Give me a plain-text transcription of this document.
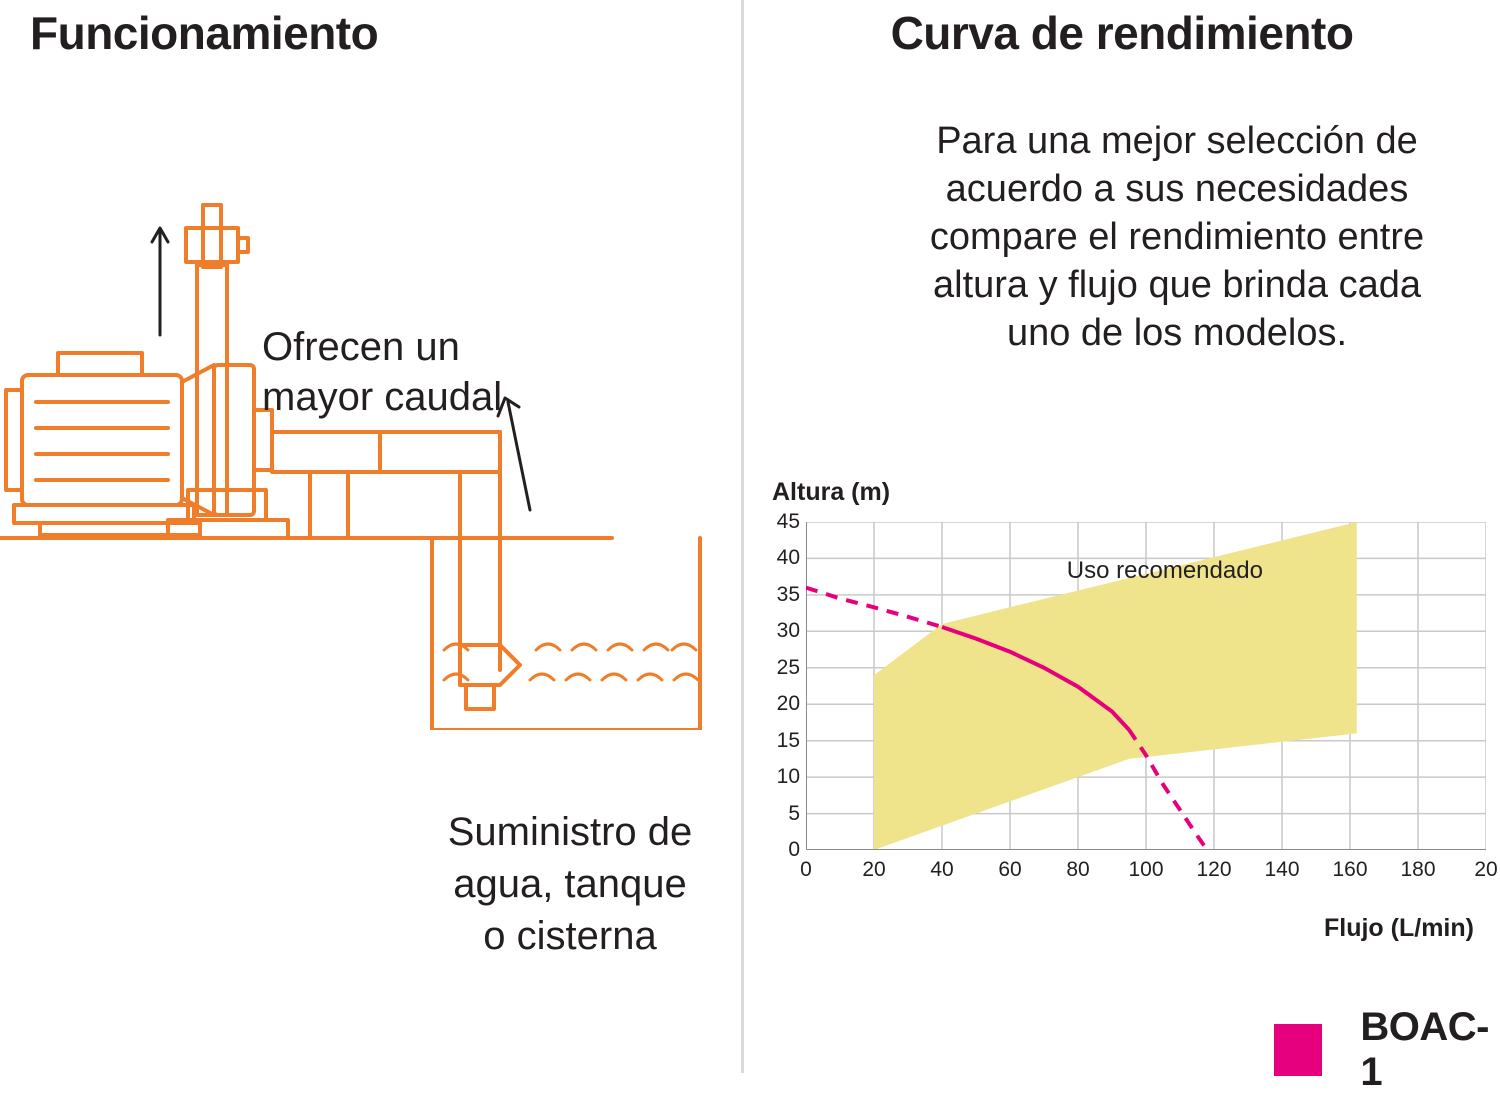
Funcionamiento
Ofrecen un
mayor caudal
Suministro de
agua, tanque
o cisterna
Curva de rendimiento
Para una mejor selección de
acuerdo a sus necesidades
compare el rendimiento entre
altura y flujo que brinda cada
uno de los modelos.
Altura (m)
Flujo (L/min)
0
5
10
15
20
25
30
35
40
45
0 20 40 60 80 100 120 140 160 180 20
Uso recomendado
BOAC-1
